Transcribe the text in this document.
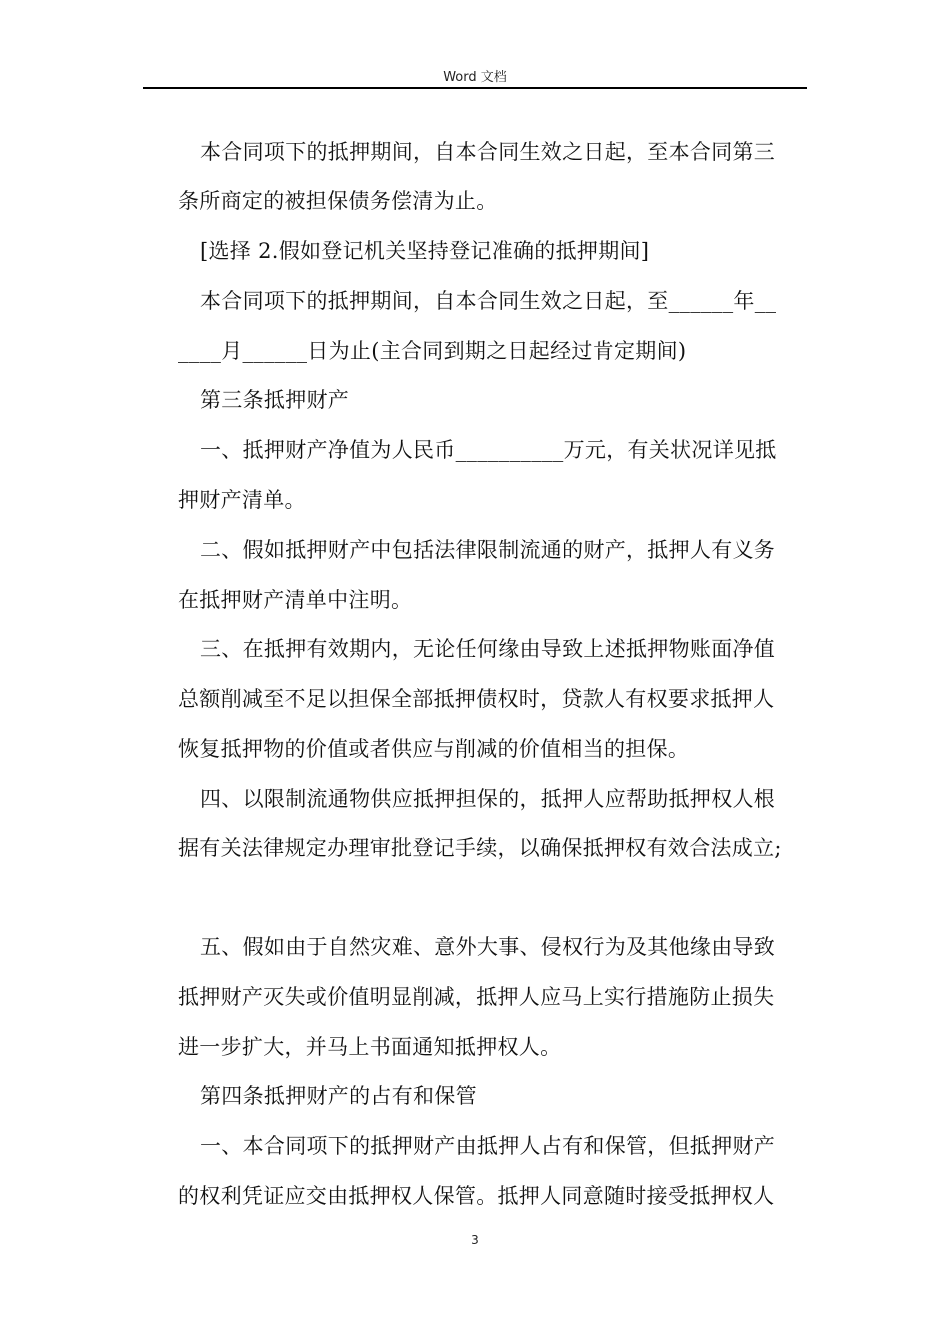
Word 文档
本合同项下的抵押期间，自本合同生效之日起，至本合同第三
条所商定的被担保债务偿清为止。
[选择 2.假如登记机关坚持登记准确的抵押期间]
本合同项下的抵押期间，自本合同生效之日起，至______年__
____月______日为止(主合同到期之日起经过肯定期间)
第三条抵押财产
一、抵押财产净值为人民币__________万元，有关状况详见抵
押财产清单。
二、假如抵押财产中包括法律限制流通的财产，抵押人有义务
在抵押财产清单中注明。
三、在抵押有效期内，无论任何缘由导致上述抵押物账面净值
总额削减至不足以担保全部抵押债权时，贷款人有权要求抵押人
恢复抵押物的价值或者供应与削减的价值相当的担保。
四、以限制流通物供应抵押担保的，抵押人应帮助抵押权人根
据有关法律规定办理审批登记手续，以确保抵押权有效合法成立;
五、假如由于自然灾难、意外大事、侵权行为及其他缘由导致
抵押财产灭失或价值明显削减，抵押人应马上实行措施防止损失
进一步扩大，并马上书面通知抵押权人。
第四条抵押财产的占有和保管
一、本合同项下的抵押财产由抵押人占有和保管，但抵押财产
的权利凭证应交由抵押权人保管。抵押人同意随时接受抵押权人
3
